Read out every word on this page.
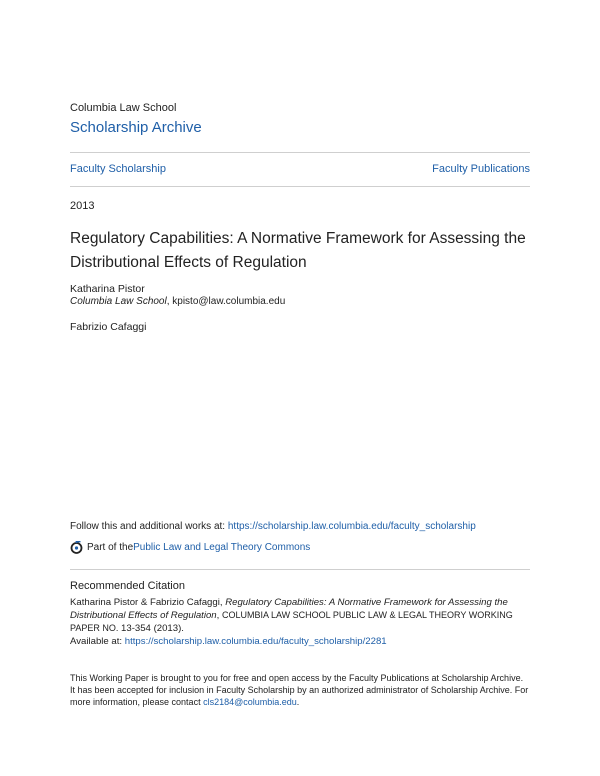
Columbia Law School
Scholarship Archive
Faculty Scholarship	Faculty Publications
2013
Regulatory Capabilities: A Normative Framework for Assessing the Distributional Effects of Regulation
Katharina Pistor
Columbia Law School, kpisto@law.columbia.edu
Fabrizio Cafaggi
Follow this and additional works at: https://scholarship.law.columbia.edu/faculty_scholarship
Part of the Public Law and Legal Theory Commons
Recommended Citation
Katharina Pistor & Fabrizio Cafaggi, Regulatory Capabilities: A Normative Framework for Assessing the Distributional Effects of Regulation, COLUMBIA LAW SCHOOL PUBLIC LAW & LEGAL THEORY WORKING PAPER NO. 13-354 (2013).
Available at: https://scholarship.law.columbia.edu/faculty_scholarship/2281
This Working Paper is brought to you for free and open access by the Faculty Publications at Scholarship Archive. It has been accepted for inclusion in Faculty Scholarship by an authorized administrator of Scholarship Archive. For more information, please contact cls2184@columbia.edu.
